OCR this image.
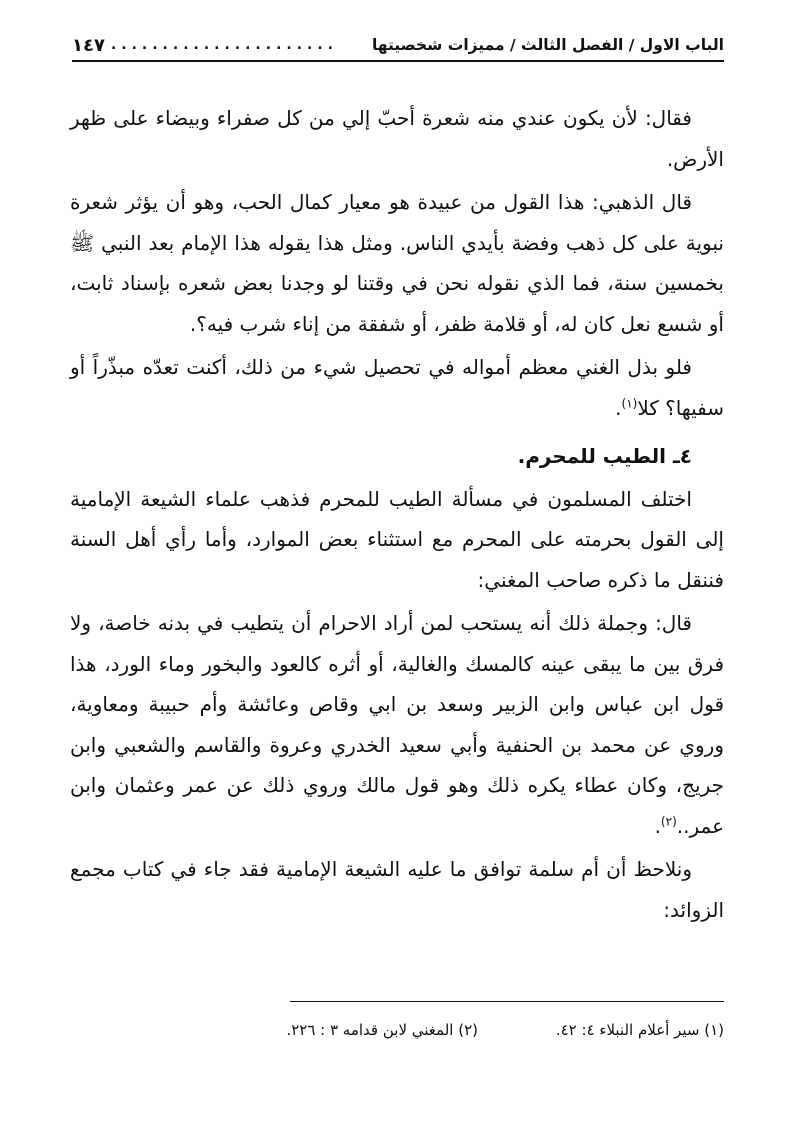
الباب الاول / الفصل الثالث / مميزات شخصيتها
......................
١٤٧

فقال: لأن يكون عندي منه شعرة أحبّ إلي من كل صفراء وبيضاء على ظهر الأرض.

قال الذهبي: هذا القول من عبيدة هو معيار كمال الحب، وهو أن يؤثر شعرة نبوية على كل ذهب وفضة بأيدي الناس. ومثل هذا يقوله هذا الإمام بعد النبي ﷺ بخمسين سنة، فما الذي نقوله نحن في وقتنا لو وجدنا بعض شعره بإسناد ثابت، أو شسع نعل كان له، أو قلامة ظفر، أو شفقة من إناء شرب فيه؟.

فلو بذل الغني معظم أمواله في تحصيل شيء من ذلك، أكنت تعدّه مبذّراً أو سفيها؟ كلا$^{(١)}$.

٤ـ الطيب للمحرم.

اختلف المسلمون في مسألة الطيب للمحرم فذهب علماء الشيعة الإمامية إلى القول بحرمته على المحرم مع استثناء بعض الموارد، وأما رأي أهل السنة فننقل ما ذكره صاحب المغني:

قال: وجملة ذلك أنه يستحب لمن أراد الاحرام أن يتطيب في بدنه خاصة، ولا فرق بين ما يبقى عينه كالمسك والغالية، أو أثره كالعود والبخور وماء الورد، هذا قول ابن عباس وابن الزبير وسعد بن ابي وقاص وعائشة وأم حبيبة ومعاوية، وروي عن محمد بن الحنفية وأبي سعيد الخدري وعروة والقاسم والشعبي وابن جريج، وكان عطاء يكره ذلك وهو قول مالك وروي ذلك عن عمر وعثمان وابن عمر..$^{(٢)}$.

ونلاحظ أن أم سلمة توافق ما عليه الشيعة الإمامية فقد جاء في كتاب مجمع الزوائد:

(١) سير أعلام النبلاء ٤: ٤٢.
(٢) المغني لابن قدامه ٣ : ٢٢٦.
